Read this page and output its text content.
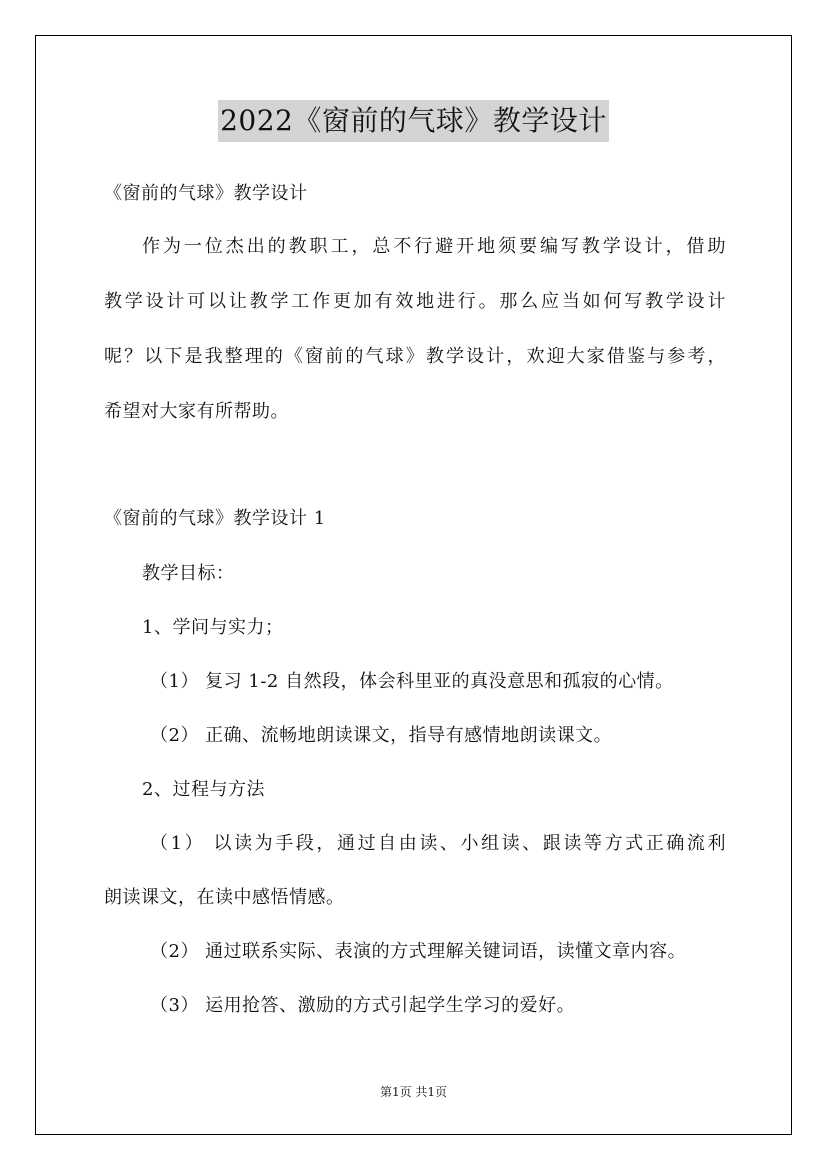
2022《窗前的气球》教学设计
《窗前的气球》教学设计
作为一位杰出的教职工，总不行避开地须要编写教学设计，借助
教学设计可以让教学工作更加有效地进行。那么应当如何写教学设计
呢？以下是我整理的《窗前的气球》教学设计，欢迎大家借鉴与参考，
希望对大家有所帮助。
《窗前的气球》教学设计 1
教学目标：
1、学问与实力；
（1） 复习 1-2 自然段，体会科里亚的真没意思和孤寂的心情。
（2） 正确、流畅地朗读课文，指导有感情地朗读课文。
2、过程与方法
（1） 以读为手段，通过自由读、小组读、跟读等方式正确流利
朗读课文，在读中感悟情感。
（2） 通过联系实际、表演的方式理解关键词语，读懂文章内容。
（3） 运用抢答、激励的方式引起学生学习的爱好。
第1页 共1页
